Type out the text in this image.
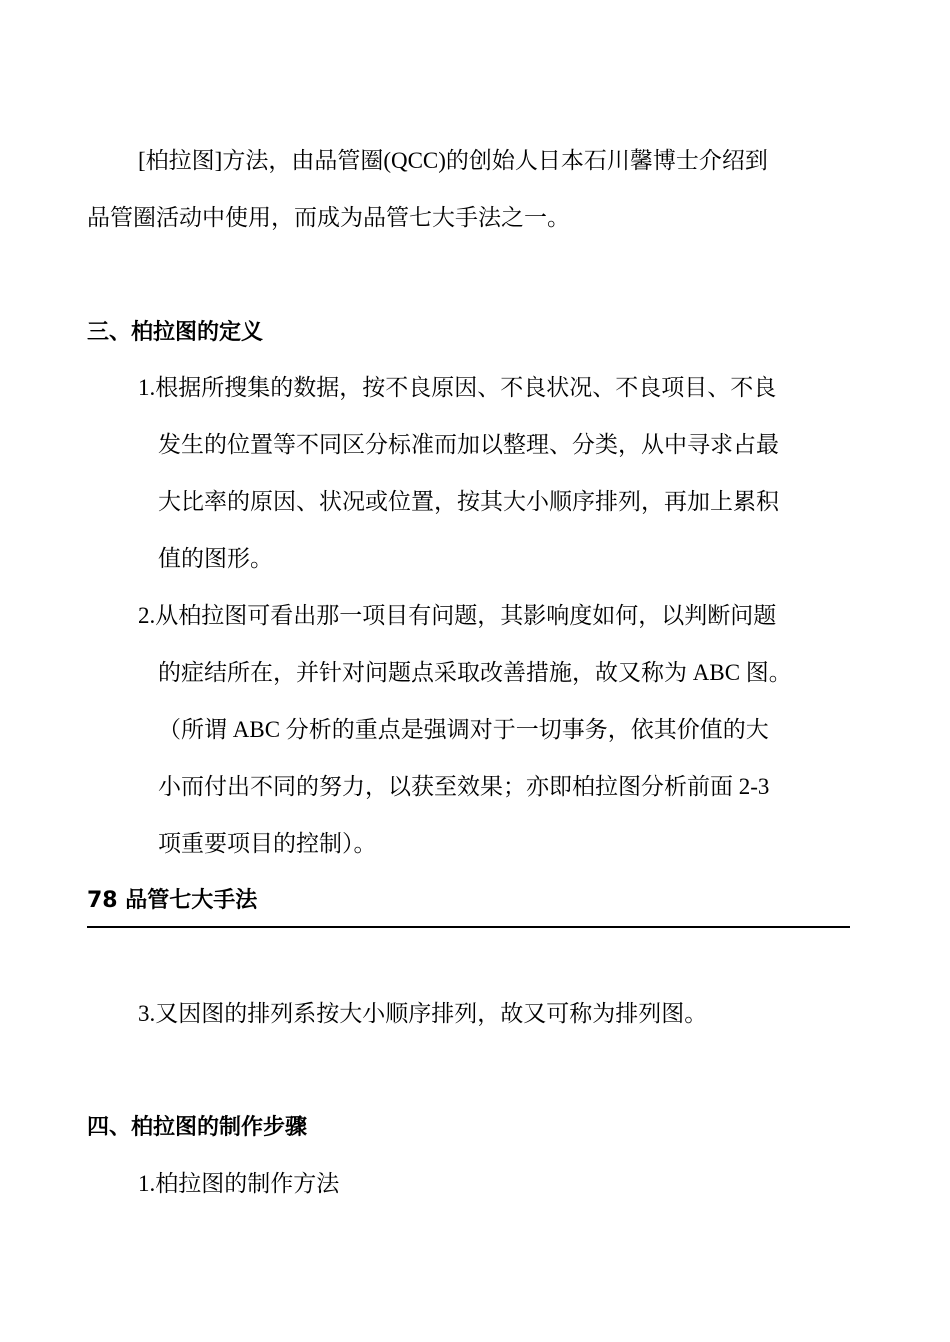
[柏拉图]方法，由品管圈(QCC)的创始人日本石川馨博士介绍到
品管圈活动中使用，而成为品管七大手法之一。
三、柏拉图的定义
1.根据所搜集的数据，按不良原因、不良状况、不良项目、不良
发生的位置等不同区分标准而加以整理、分类，从中寻求占最
大比率的原因、状况或位置，按其大小顺序排列，再加上累积
值的图形。
2.从柏拉图可看出那一项目有问题，其影响度如何，以判断问题
的症结所在，并针对问题点采取改善措施，故又称为 ABC 图。
（所谓 ABC 分析的重点是强调对于一切事务，依其价值的大
小而付出不同的努力，以获至效果；亦即柏拉图分析前面 2-3
项重要项目的控制）。
78 品管七大手法
3.又因图的排列系按大小顺序排列，故又可称为排列图。
四、柏拉图的制作步骤
1.柏拉图的制作方法
